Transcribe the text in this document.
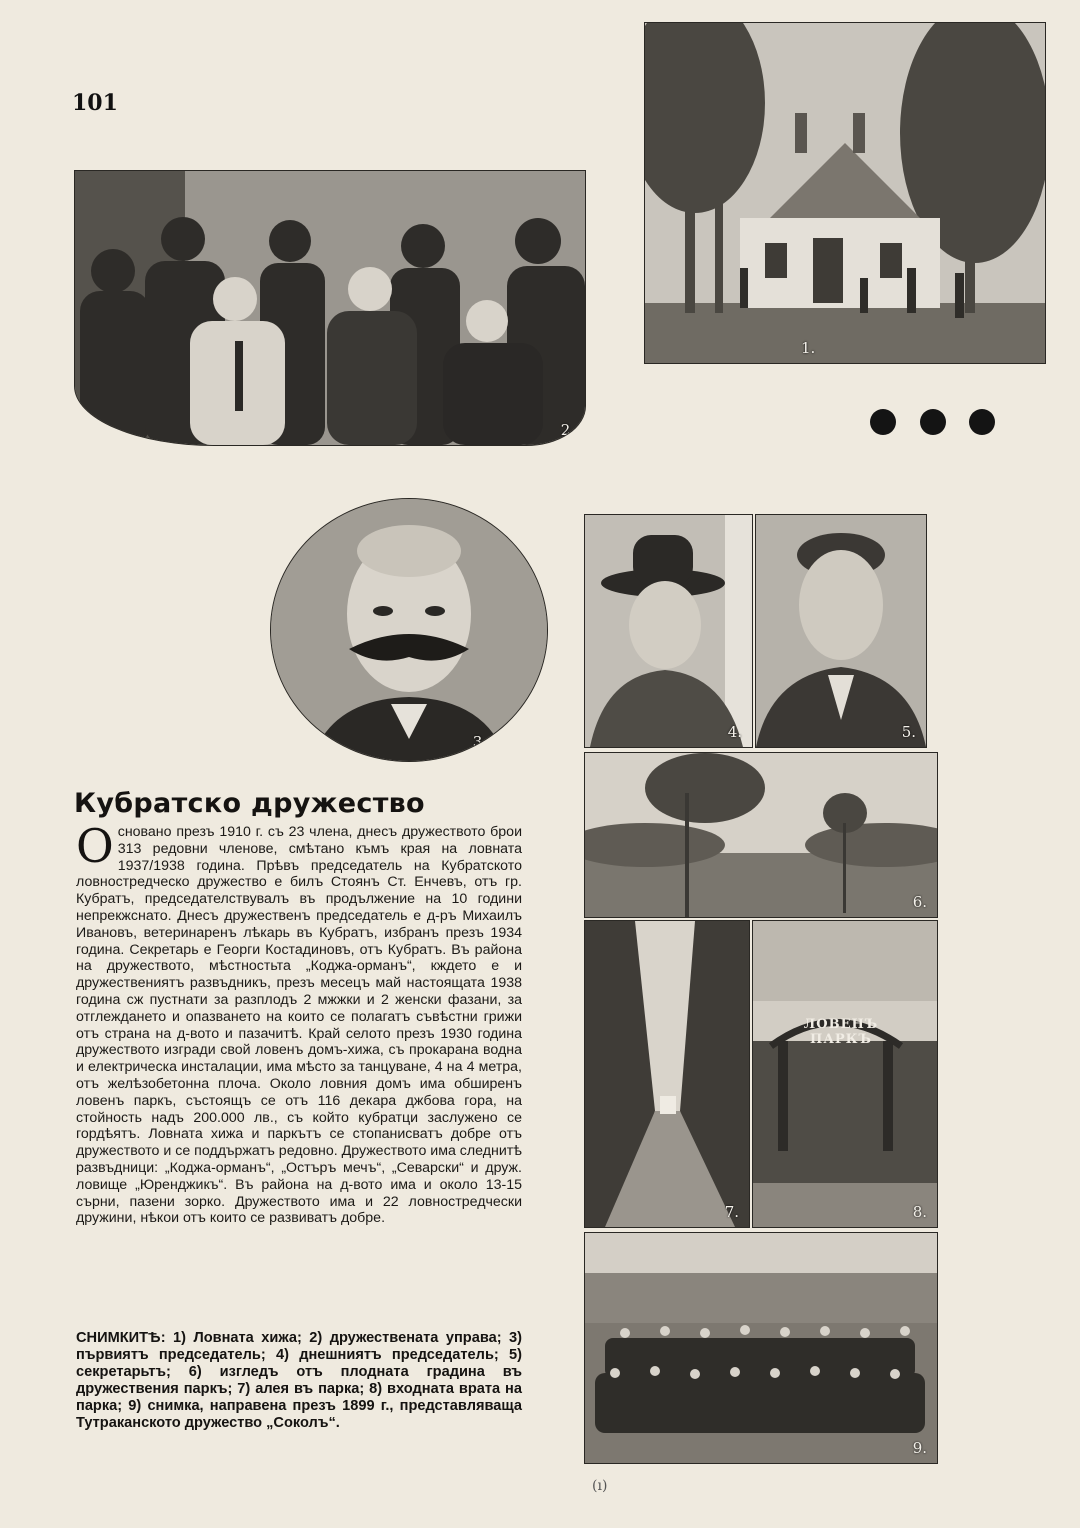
101
2.
1.
3.
4.	5.
6.
7.
ЛОВЕНЪ ПАРКЪ
8.
9.
Кубратско дружество
О сновано презъ 1910 г. съ 23 члена, днесъ дружеството брои 313 редовни членове, смѣтано къмъ края на ловната 1937/1938 година. Прѣвъ председатель на Кубратското ловностредческо дружество е билъ Стоянъ Ст. Енчевъ, отъ гр. Кубратъ, председателствувалъ въ продължение на 10 години непрекжснато. Днесъ дружественъ председатель е д-ръ Михаилъ Ивановъ, ветеринаренъ лѣкарь въ Кубратъ, избранъ презъ 1934 година. Секретарь е Георги Костадиновъ, отъ Кубратъ. Въ района на дружеството, мѣстностьта „Коджа-орманъ“, кждето е и дружествениятъ развъдникъ, презъ месецъ май настоящата 1938 година сж пустнати за разплодъ 2 мжжки и 2 женски фазани, за отглеждането и опазването на които се полагатъ съвѣстни грижи отъ страна на д-вото и пазачитѣ. Край селото презъ 1930 година дружеството изгради свой ловенъ домъ-хижа, съ прокарана водна и електрическа инсталации, има мѣсто за танцуване, 4 на 4 метра, отъ желѣзобетонна плоча. Около ловния домъ има обширенъ ловенъ паркъ, състоящъ се отъ 116 декара джбова гора, на стойность надъ 200.000 лв., съ който кубратци заслужено се гордѣятъ. Ловната хижа и паркътъ се стопанисватъ добре отъ дружеството и се поддържатъ редовно. Дружеството има следнитѣ развъдници: „Коджа-орманъ“, „Остъръ мечъ“, „Севарски“ и друж. ловище „Юренджикъ“. Въ района на д-вото има и около 13-15 сърни, пазени зорко. Дружеството има и 22 ловностредчески дружини, нѣкои отъ които се развиватъ добре.
СНИМКИТѢ: 1) Ловната хижа; 2) дружествената управа; 3) първиятъ председатель; 4) днешниятъ председатель; 5) секретарьтъ; 6) изгледъ отъ плодната градина въ дружествения паркъ; 7) алея въ парка; 8) входната врата на парка; 9) снимка, направена презъ 1899 г., представляваща Тутраканското дружество „Соколъ“.
(ı)
